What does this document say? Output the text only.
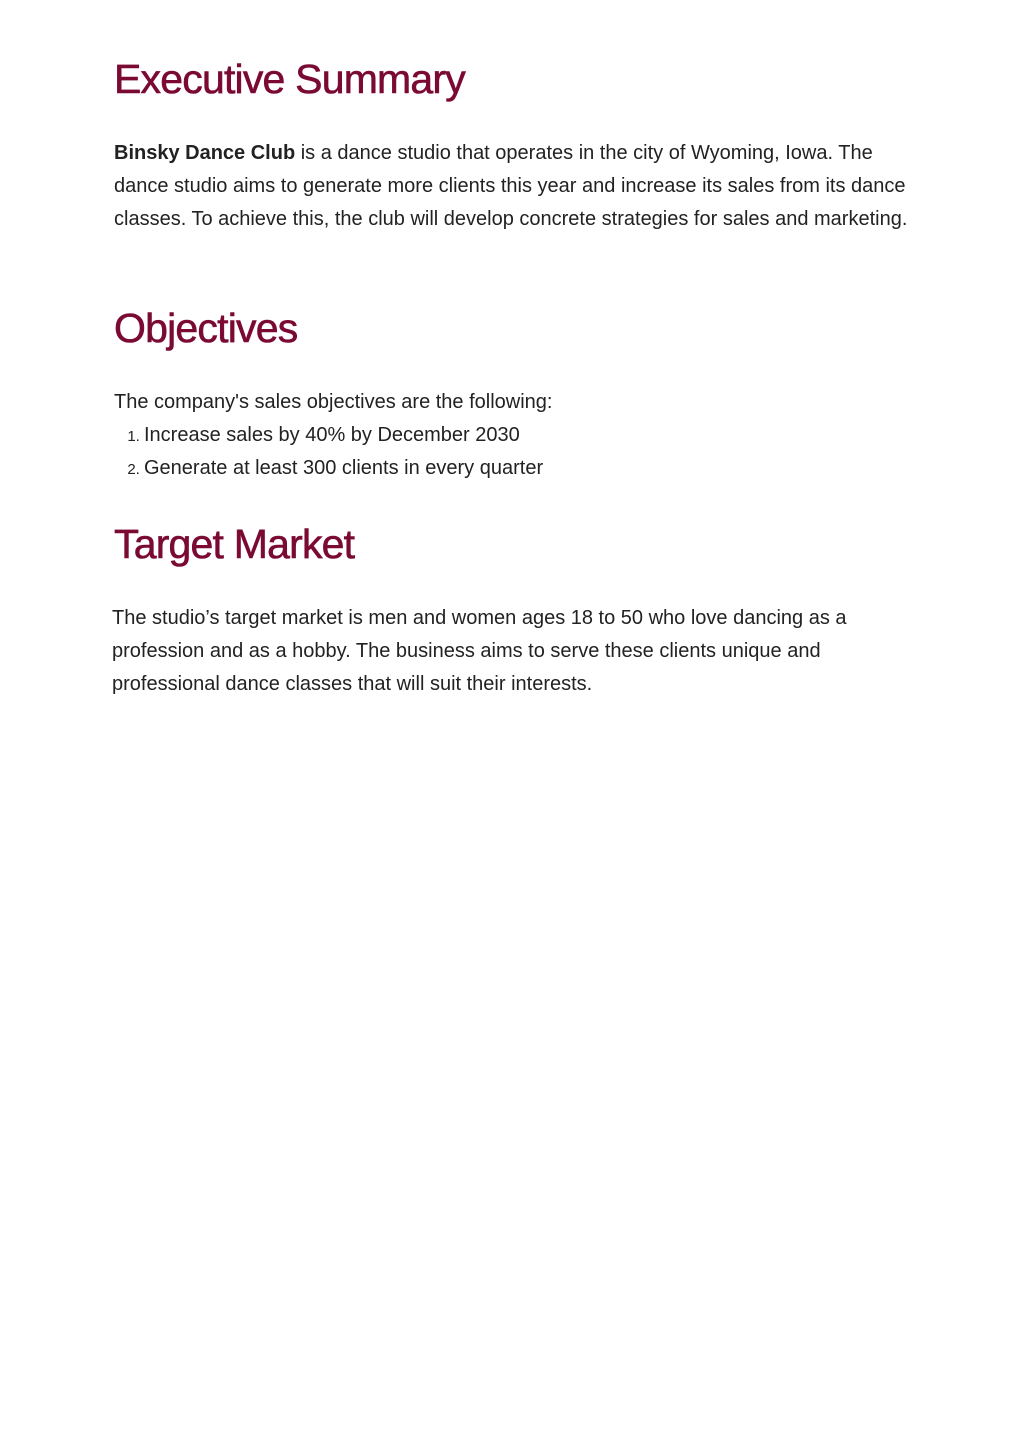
Executive Summary

Binsky Dance Club is a dance studio that operates in the city of Wyoming, Iowa. The dance studio aims to generate more clients this year and increase its sales from its dance classes. To achieve this, the club will develop concrete strategies for sales and marketing.

Objectives

The company's sales objectives are the following:

1. Increase sales by 40% by December 2030
2. Generate at least 300 clients in every quarter
Target Market

The studio’s target market is men and women ages 18 to 50 who love dancing as a profession and as a hobby. The business aims to serve these clients unique and professional dance classes that will suit their interests.
